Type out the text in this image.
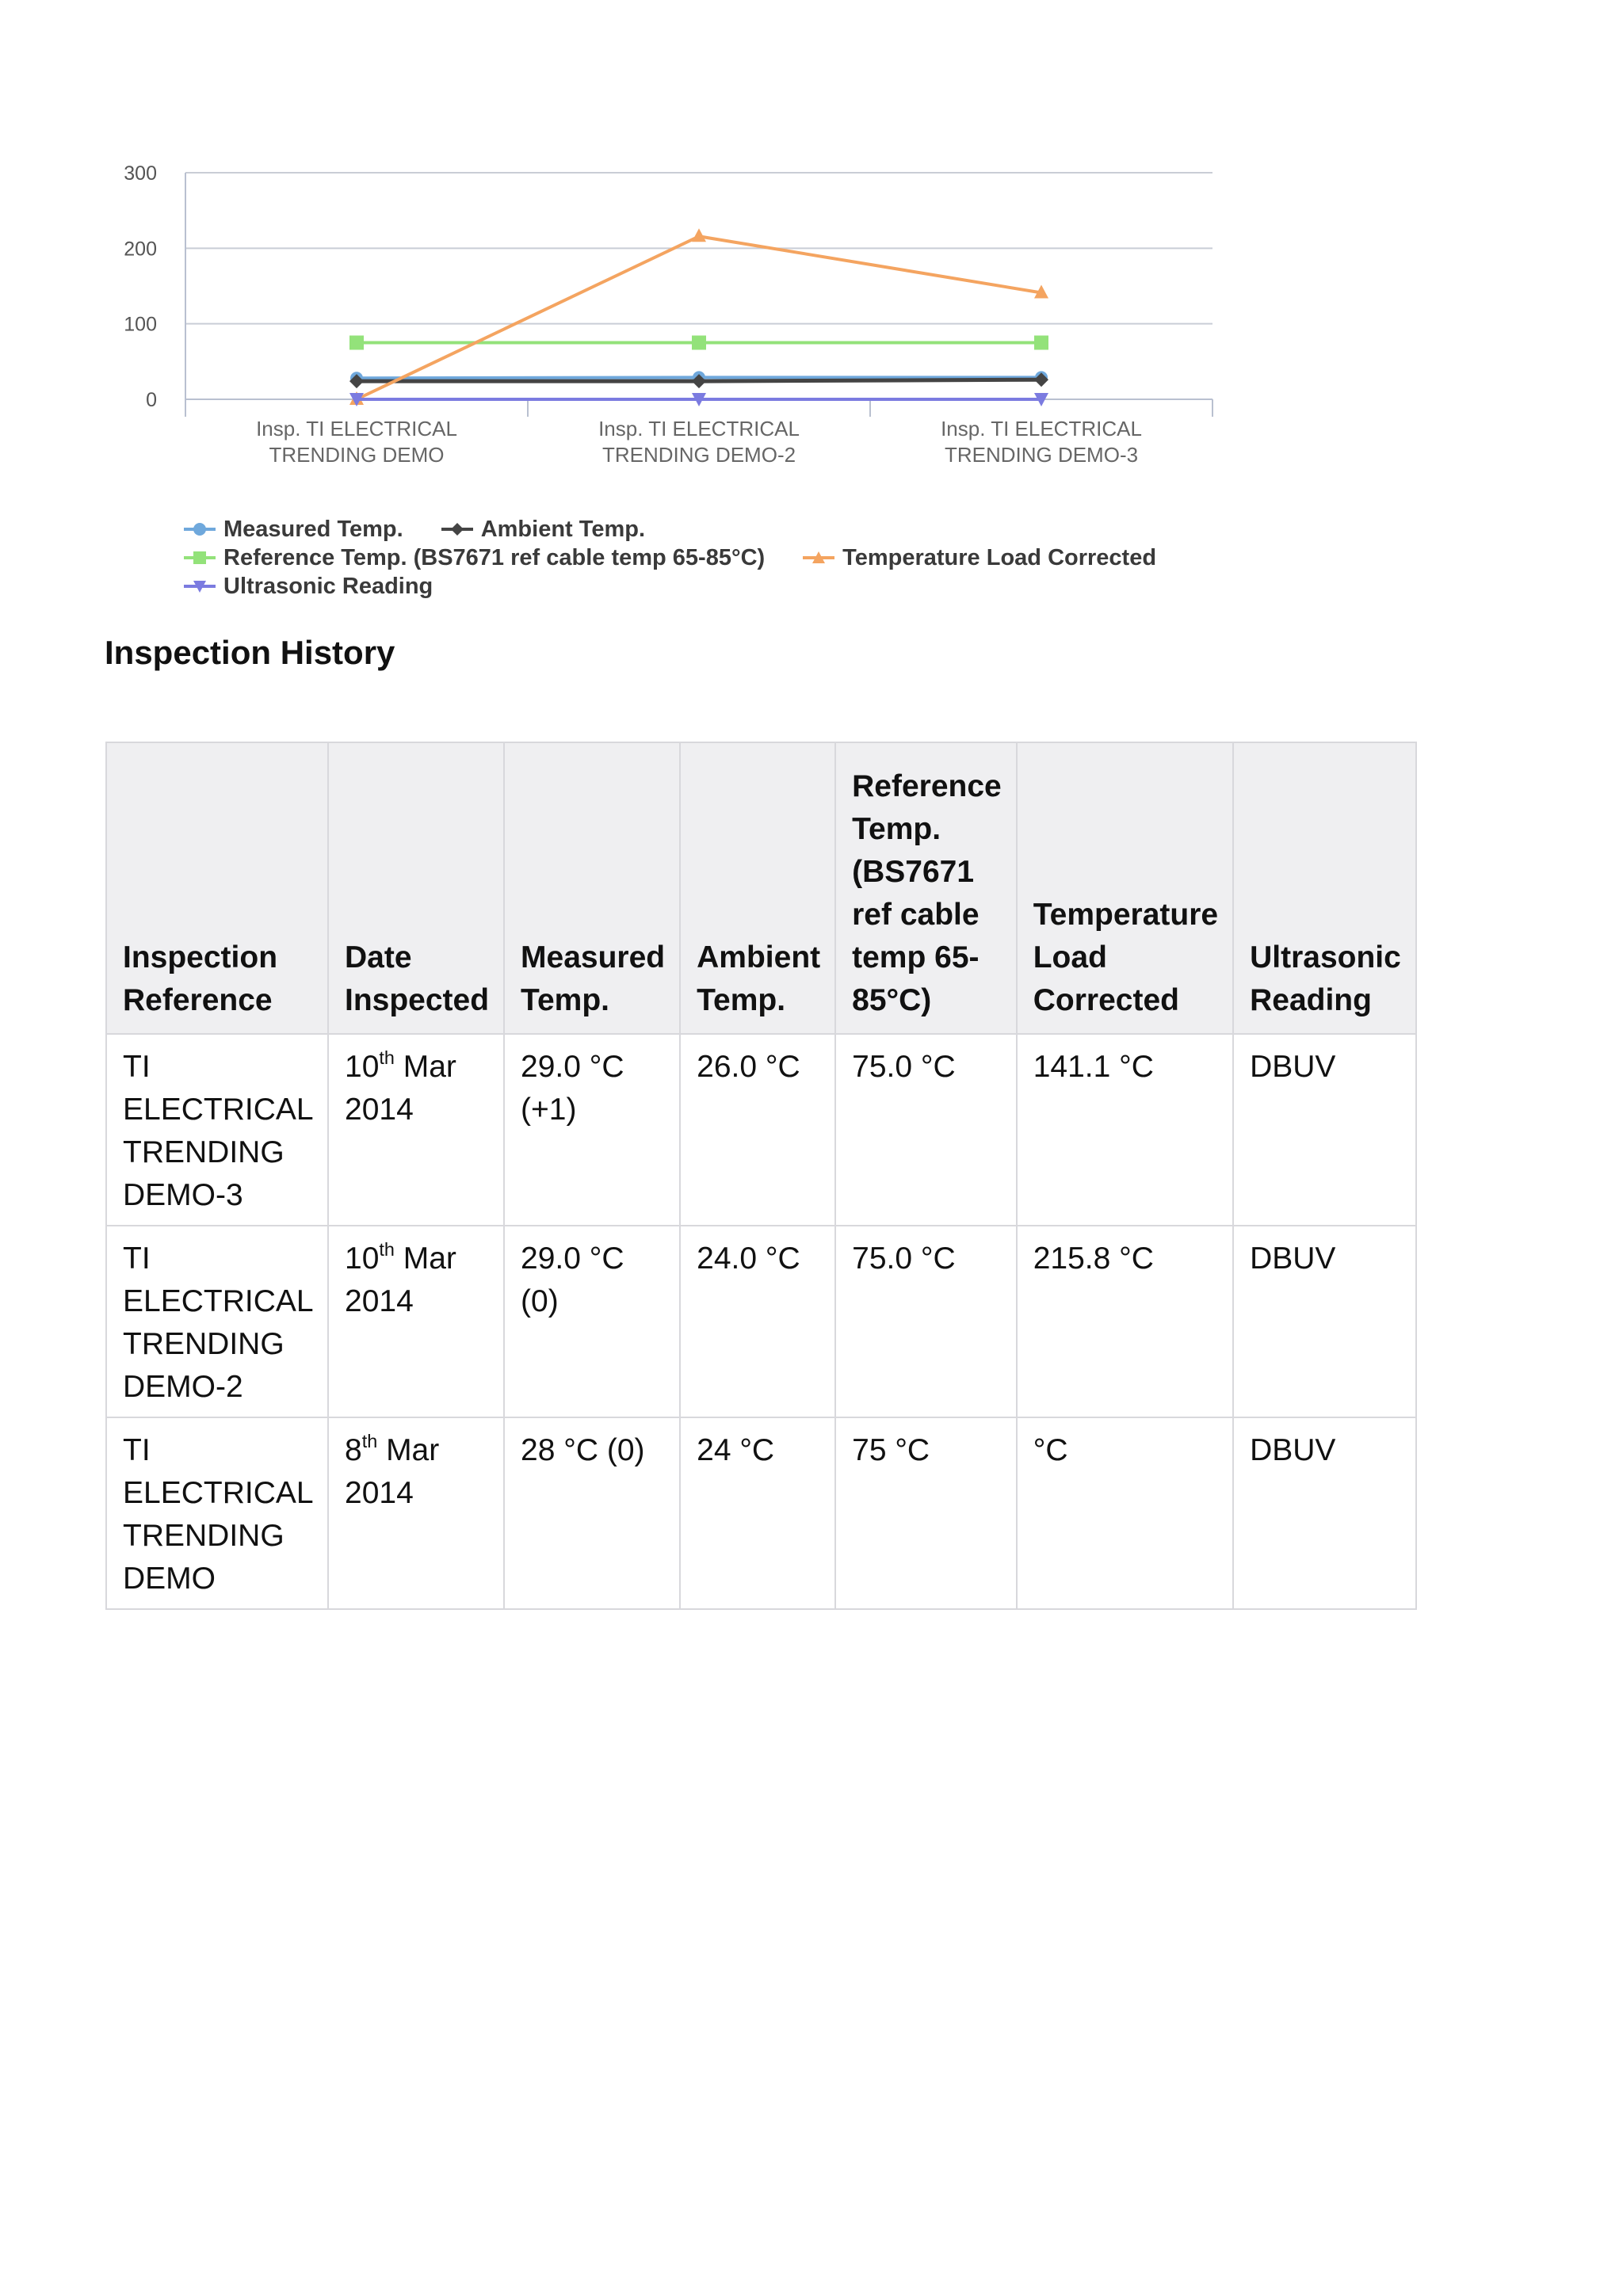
0
100
200
300
Insp. TI ELECTRICAL TRENDING DEMO
Insp. TI ELECTRICAL TRENDING DEMO-2
Insp. TI ELECTRICAL TRENDING DEMO-3
Measured Temp.	Ambient Temp.
Reference Temp. (BS7671 ref cable temp 65-85°C)	Temperature Load Corrected
Ultrasonic Reading
Inspection History
Inspection Reference	Date Inspected	Measured Temp.	Ambient Temp.	Reference Temp. (BS7671 ref cable temp 65-85°C)	Temperature Load Corrected	Ultrasonic Reading
TI ELECTRICAL TRENDING DEMO-3	10th Mar 2014	29.0 °C (+1)	26.0 °C	75.0 °C	141.1 °C	DBUV
TI ELECTRICAL TRENDING DEMO-2	10th Mar 2014	29.0 °C (0)	24.0 °C	75.0 °C	215.8 °C	DBUV
TI ELECTRICAL TRENDING DEMO	8th Mar 2014	28 °C (0)	24 °C	75 °C	°C	DBUV
